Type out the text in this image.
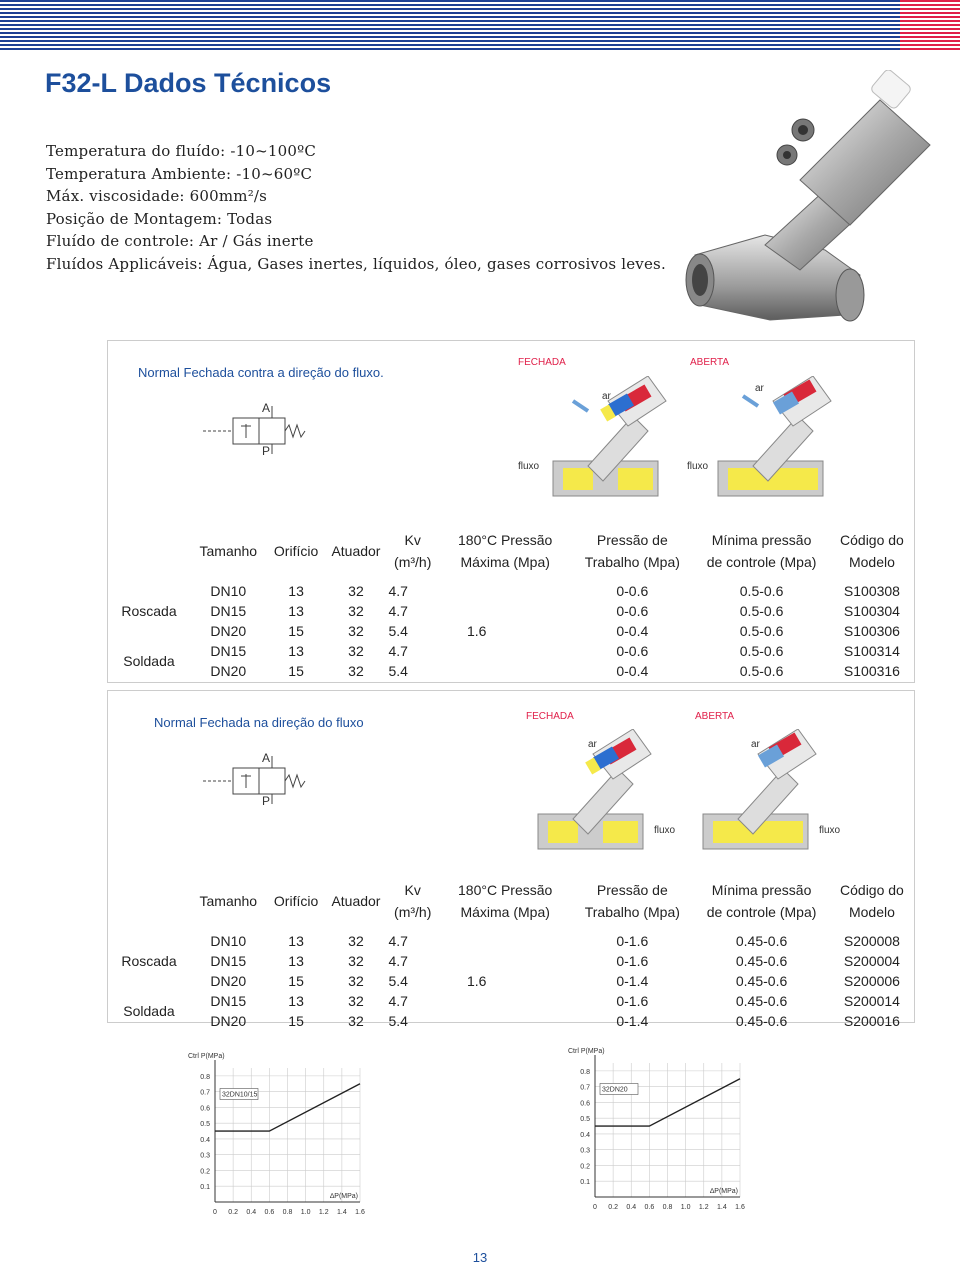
F32-L Dados Técnicos
Temperatura do fluído: -10~100ºC
Temperatura Ambiente: -10~60ºC
Máx. viscosidade: 600mm²/s
Posição de Montagem: Todas
Fluído de controle: Ar / Gás inerte
Fluídos Applicáveis: Água, Gases inertes, líquidos, óleo, gases corrosivos leves.
Normal Fechada contra a direção do fluxo.
A
P
FECHADA	ABERTA
ar
ar
fluxo	fluxo
	Tamanho	Orifício	Atuador	Kv	180°C Pressão	Pressão de	Mínima pressão	Código do
				(m³/h)	Máxima (Mpa)	Trabalho (Mpa)	de controle (Mpa)	Modelo

Roscada	DN10	13	32	4.7	1.6	0-0.6	0.5-0.6	S100308
	DN15	13	32	4.7		0-0.6	0.5-0.6	S100304
	DN20	15	32	5.4		0-0.4	0.5-0.6	S100306
Soldada	DN15	13	32	4.7		0-0.6	0.5-0.6	S100314
	DN20	15	32	5.4		0-0.4	0.5-0.6	S100316
Normal Fechada na direção do fluxo
A
P
FECHADA	ABERTA
ar	ar
fluxo	fluxo
	Tamanho	Orifício	Atuador	Kv	180°C Pressão	Pressão de	Mínima pressão	Código do
				(m³/h)	Máxima (Mpa)	Trabalho (Mpa)	de controle (Mpa)	Modelo

Roscada	DN10	13	32	4.7	1.6	0-1.6	0.45-0.6	S200008
	DN15	13	32	4.7		0-1.6	0.45-0.6	S200004
	DN20	15	32	5.4		0-1.4	0.45-0.6	S200006
Soldada	DN15	13	32	4.7		0-1.6	0.45-0.6	S200014
	DN20	15	32	5.4		0-1.4	0.45-0.6	S200016
0 0.2 0.4 0.6 0.8 1.0 1.2 1.4 1.6
0.1
0.2
0.3
0.4
0.5
0.6
0.7
0.8
Ctrl P(MPa)
∆P(MPa)
32DN10/15
0 0.2 0.4 0.6 0.8 1.0 1.2 1.4 1.6
0.1
0.2
0.3
0.4
0.5
0.6
0.7
0.8
Ctrl P(MPa)
∆P(MPa)
32DN20
13
